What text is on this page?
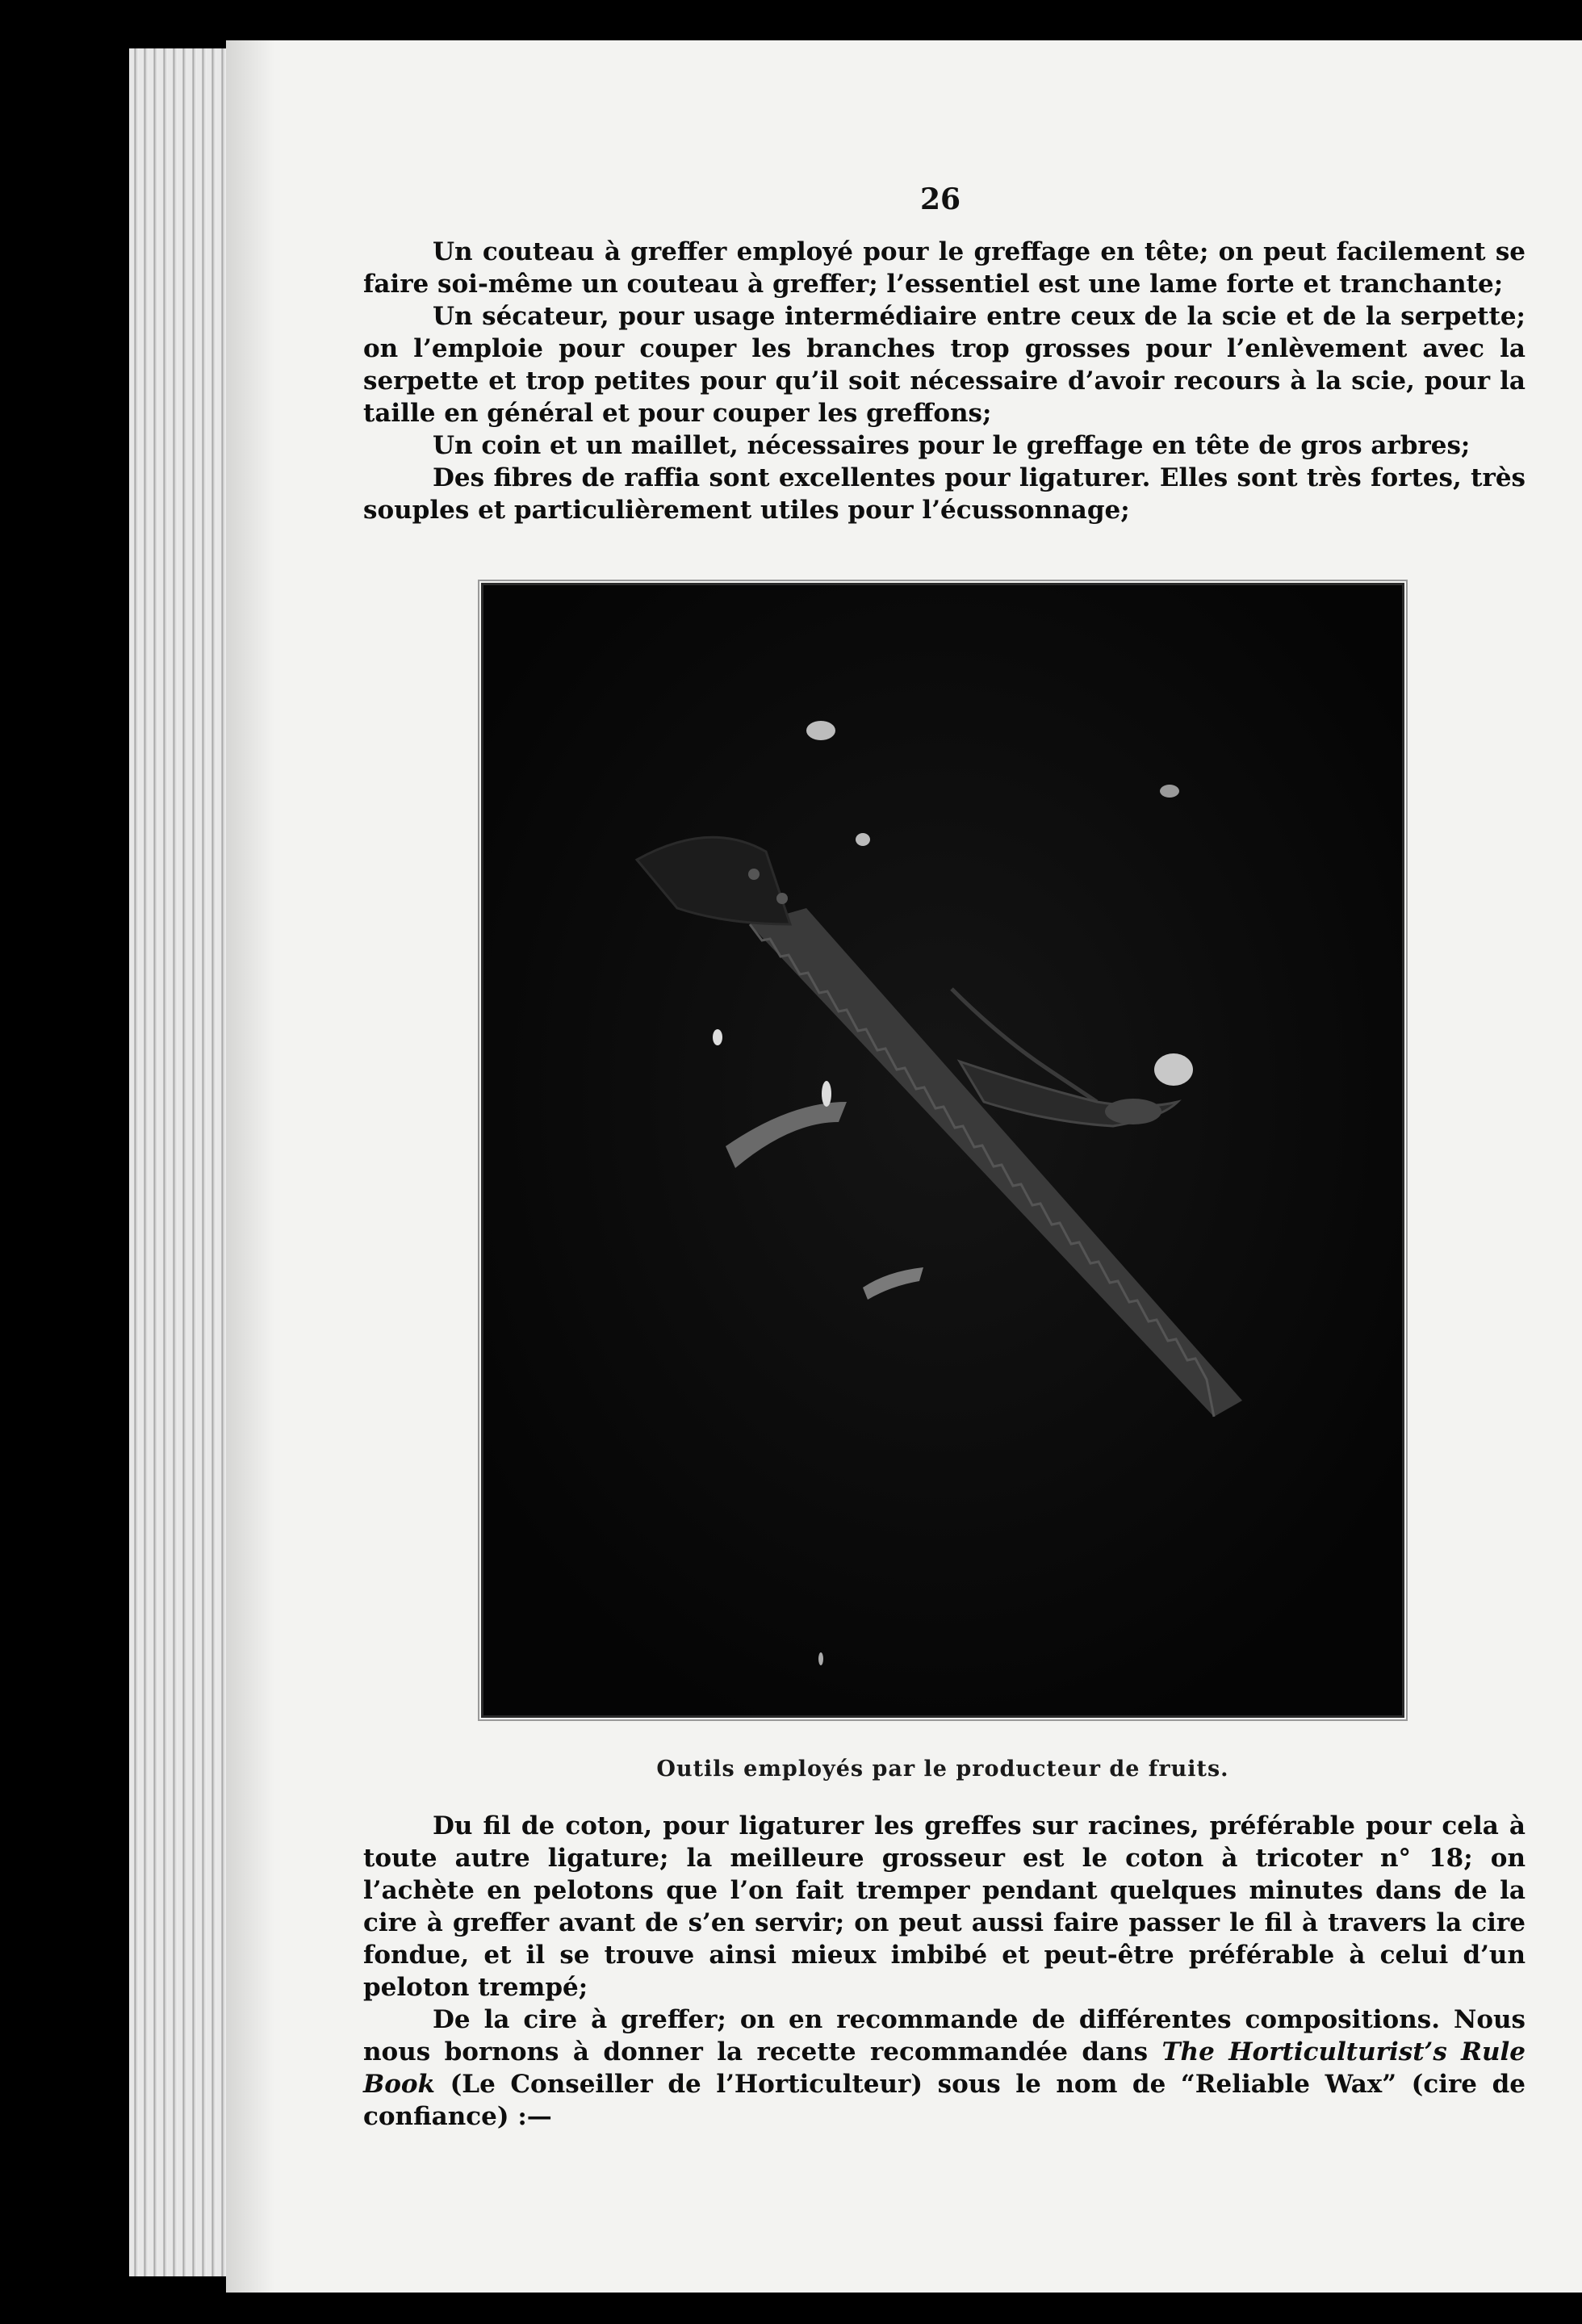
26

Un couteau à greffer employé pour le greffage en tête; on peut facilement se faire soi-même un couteau à greffer; l’essentiel est une lame forte et tranchante;

Un sécateur, pour usage intermédiaire entre ceux de la scie et de la serpette; on l’emploie pour couper les branches trop grosses pour l’enlèvement avec la serpette et trop petites pour qu’il soit nécessaire d’avoir recours à la scie, pour la taille en général et pour couper les greffons;

Un coin et un maillet, nécessaires pour le greffage en tête de gros arbres;

Des fibres de raffia sont excellentes pour ligaturer. Elles sont très fortes, très souples et particulièrement utiles pour l’écussonnage;

Outils employés par le producteur de fruits.

Du fil de coton, pour ligaturer les greffes sur racines, préférable pour cela à toute autre ligature; la meilleure grosseur est le coton à tricoter n° 18; on l’achète en pelotons que l’on fait tremper pendant quelques minutes dans de la cire à greffer avant de s’en servir; on peut aussi faire passer le fil à travers la cire fondue, et il se trouve ainsi mieux imbibé et peut-être préférable à celui d’un peloton trempé;

De la cire à greffer; on en recommande de différentes compositions. Nous nous bornons à donner la recette recommandée dans The Horticulturist’s Rule Book (Le Conseiller de l’Horticulteur) sous le nom de “Reliable Wax” (cire de confiance) :—
